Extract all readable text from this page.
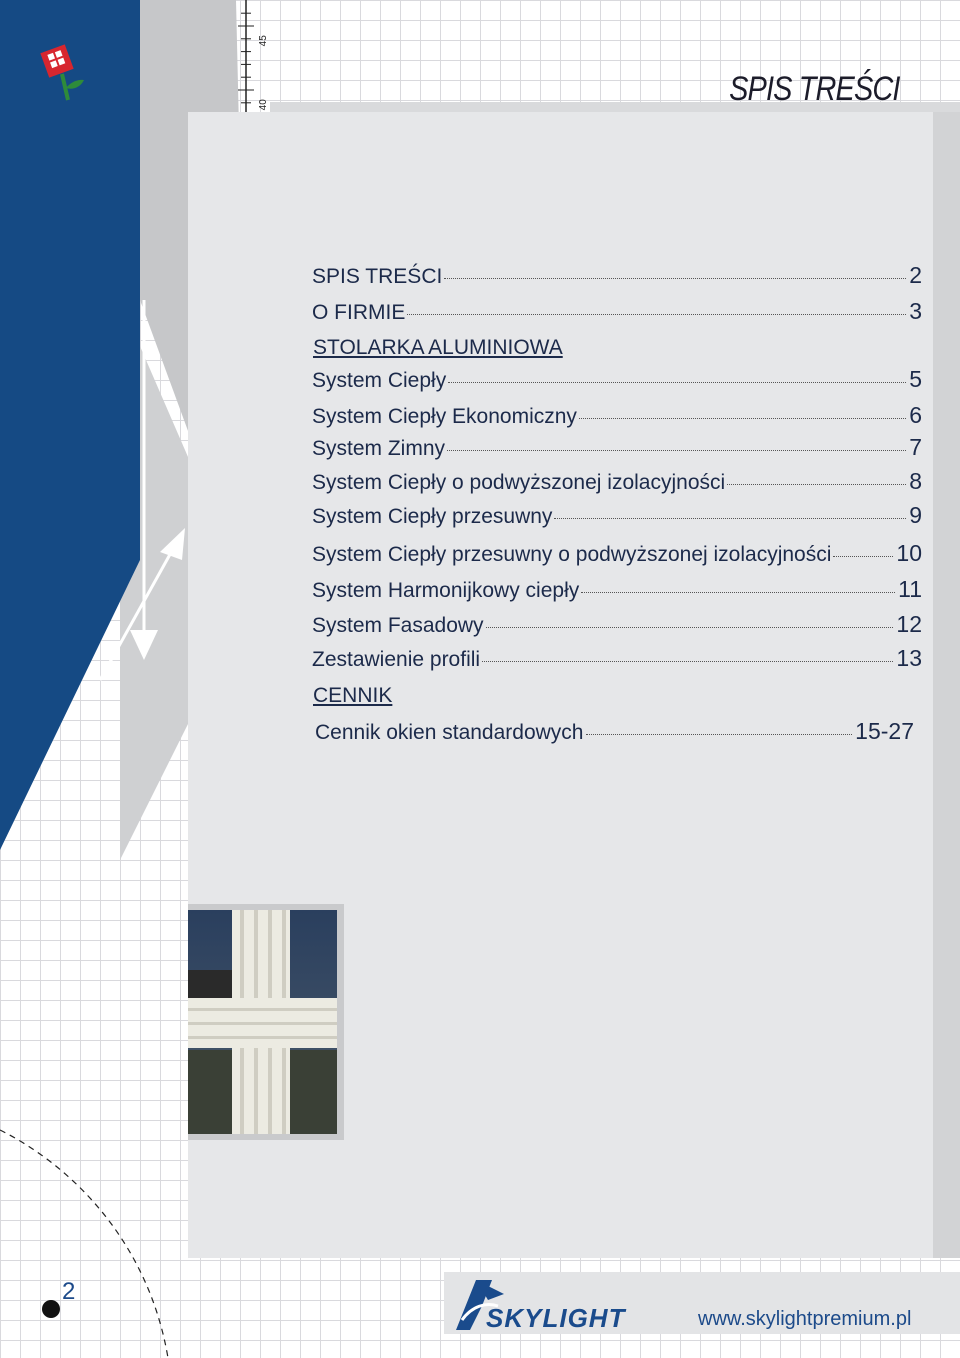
40
45
SPIS TREŚCI
SPIS TREŚCI	2
O FIRMIE	3
STOLARKA ALUMINIOWA
System Ciepły	5
System Ciepły Ekonomiczny	6
System Zimny	7
System Ciepły o podwyższonej izolacyjności	8
System Ciepły przesuwny	9
System Ciepły przesuwny o podwyższonej izolacyjności	10
System Harmonijkowy ciepły	11
System Fasadowy	12
Zestawienie profili	13
CENNIK
Cennik okien standardowych	15-27
2
SKYLIGHT	www.skylightpremium.pl
